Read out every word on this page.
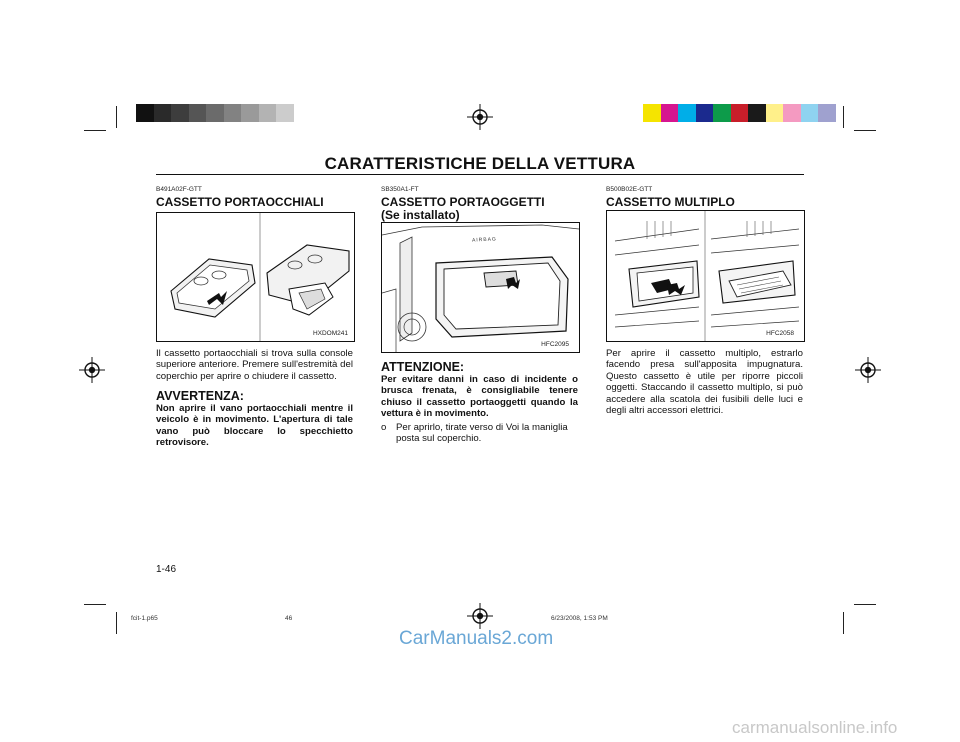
CARATTERISTICHE DELLA VETTURA
B491A02F-GTT
CASSETTO PORTAOCCHIALI
HXDOM241
Il cassetto portaocchiali si trova sulla console superiore anteriore. Premere sull'estremità del coperchio per aprire o chiudere il cassetto.
AVVERTENZA:
Non aprire il vano portaocchiali mentre il veicolo è in movimento. L'apertura di tale vano può bloccare lo specchietto retrovisore.
SB350A1-FT
CASSETTO PORTAOGGETTI
(Se installato)
AIRBAG
HFC2095
ATTENZIONE:
Per evitare danni in caso di incidente o brusca frenata, è consigliabile tenere chiuso il cassetto portaoggetti quando la vettura è in movimento.
o Per aprirlo, tirate verso di Voi la maniglia posta sul coperchio.
B500B02E-GTT
CASSETTO MULTIPLO
HFC2058
Per aprire il cassetto multiplo, estrarlo facendo presa sull'apposita impugnatura. Questo cassetto è utile per riporre piccoli oggetti. Staccando il cassetto multiplo, si può accedere alla scatola dei fusibili delle luci e degli altri accessori elettrici.
1-46
fcit-1.p65	46	6/23/2008, 1:53 PM
CarManuals2.com
carmanualsonline.info
